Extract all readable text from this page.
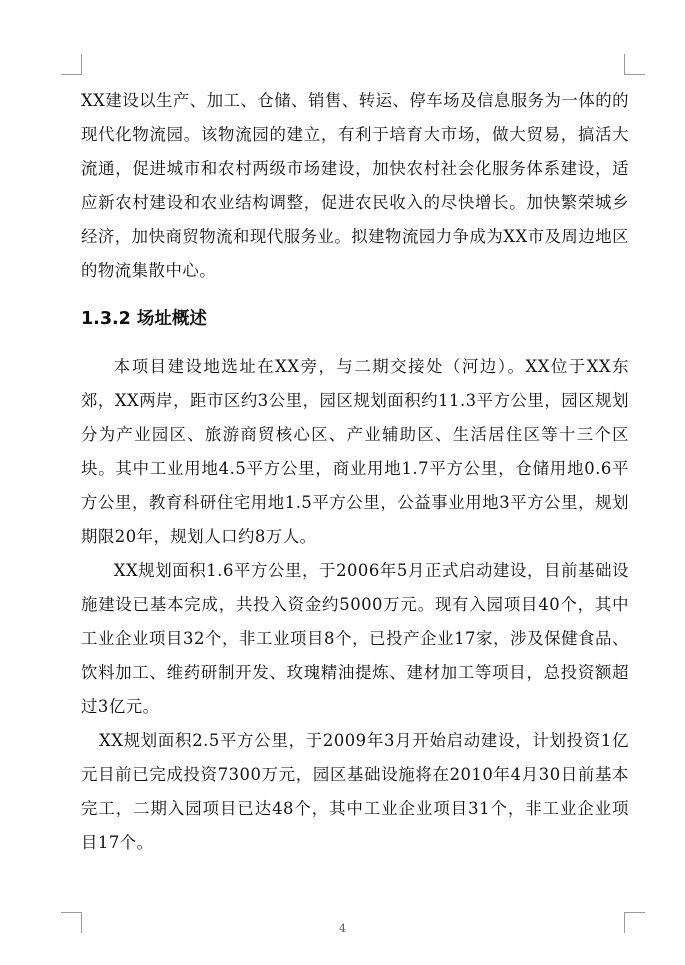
XX建设以生产、加工、仓储、销售、转运、停车场及信息服务为一体的的现代化物流园。该物流园的建立，有利于培育大市场，做大贸易，搞活大流通，促进城市和农村两级市场建设，加快农村社会化服务体系建设，适应新农村建设和农业结构调整，促进农民收入的尽快增长。加快繁荣城乡经济，加快商贸物流和现代服务业。拟建物流园力争成为XX市及周边地区的物流集散中心。

1.3.2 场址概述

本项目建设地选址在XX旁，与二期交接处（河边）。XX位于XX东郊，XX两岸，距市区约3公里，园区规划面积约11.3平方公里，园区规划分为产业园区、旅游商贸核心区、产业辅助区、生活居住区等十三个区块。其中工业用地4.5平方公里，商业用地1.7平方公里，仓储用地0.6平方公里，教育科研住宅用地1.5平方公里，公益事业用地3平方公里，规划期限20年，规划人口约8万人。

XX规划面积1.6平方公里，于2006年5月正式启动建设，目前基础设施建设已基本完成，共投入资金约5000万元。现有入园项目40个，其中工业企业项目32个，非工业项目8个，已投产企业17家，涉及保健食品、饮料加工、维药研制开发、玫瑰精油提炼、建材加工等项目，总投资额超过3亿元。

XX规划面积2.5平方公里，于2009年3月开始启动建设，计划投资1亿元目前已完成投资7300万元，园区基础设施将在2010年4月30日前基本完工，二期入园项目已达48个，其中工业企业项目31个，非工业企业项目17个。

4
